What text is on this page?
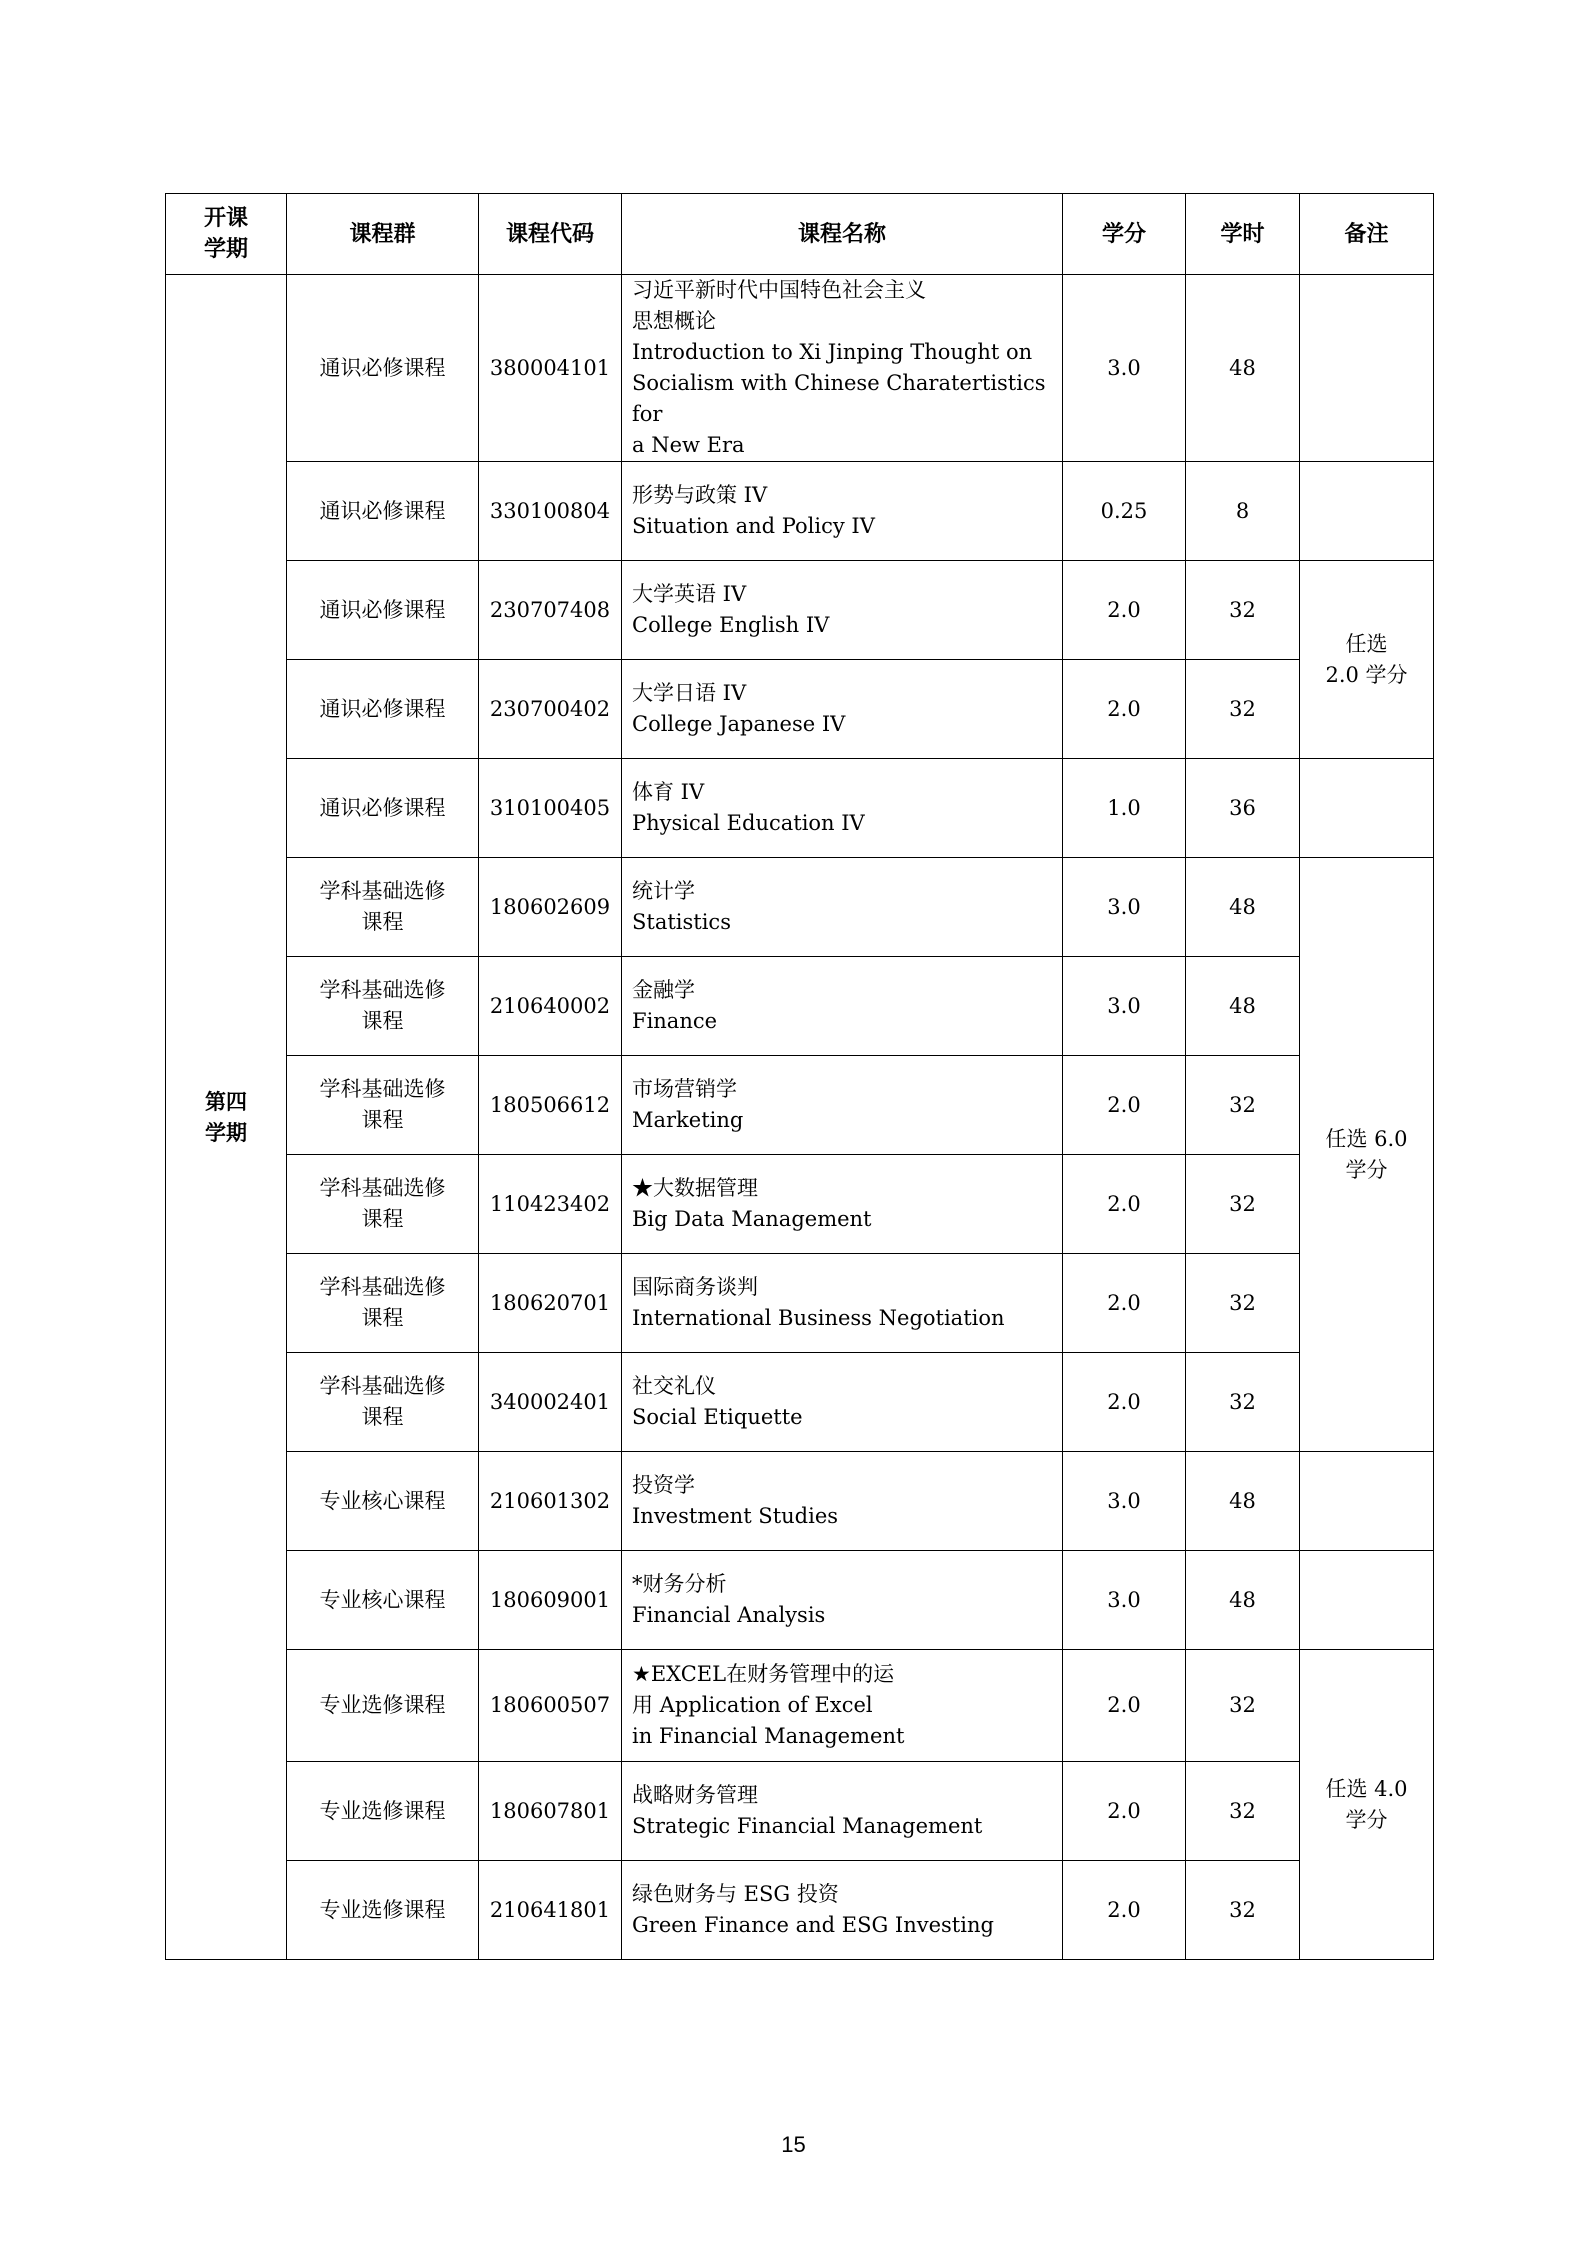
开课
学期	课程群	课程代码	课程名称	学分	学时	备注
第四
学期	通识必修课程	380004101	习近平新时代中国特色社会主义
思想概论
Introduction to Xi Jinping Thought on
Socialism with Chinese Charatertistics for
a New Era	3.0	48	
	通识必修课程	330100804	形势与政策 IV
Situation and Policy IV	0.25	8	
	通识必修课程	230707408	大学英语 IV
College English IV	2.0	32	任选
2.0 学分
	通识必修课程	230700402	大学日语 IV
College Japanese IV	2.0	32	
	通识必修课程	310100405	体育 IV
Physical Education IV	1.0	36	
	学科基础选修
课程	180602609	统计学
Statistics	3.0	48	任选 6.0
学分
	学科基础选修
课程	210640002	金融学
Finance	3.0	48	
	学科基础选修
课程	180506612	市场营销学
Marketing	2.0	32	
	学科基础选修
课程	110423402	★大数据管理
Big Data Management	2.0	32	
	学科基础选修
课程	180620701	国际商务谈判
International Business Negotiation	2.0	32	
	学科基础选修
课程	340002401	社交礼仪
Social Etiquette	2.0	32	
	专业核心课程	210601302	投资学
Investment Studies	3.0	48	
	专业核心课程	180609001	*财务分析
Financial Analysis	3.0	48	
	专业选修课程	180600507	★EXCEL在财务管理中的运
用 Application of Excel
in Financial Management	2.0	32	任选 4.0
学分
	专业选修课程	180607801	战略财务管理
Strategic Financial Management	2.0	32	
	专业选修课程	210641801	绿色财务与 ESG 投资
Green Finance and ESG Investing	2.0	32	
15
